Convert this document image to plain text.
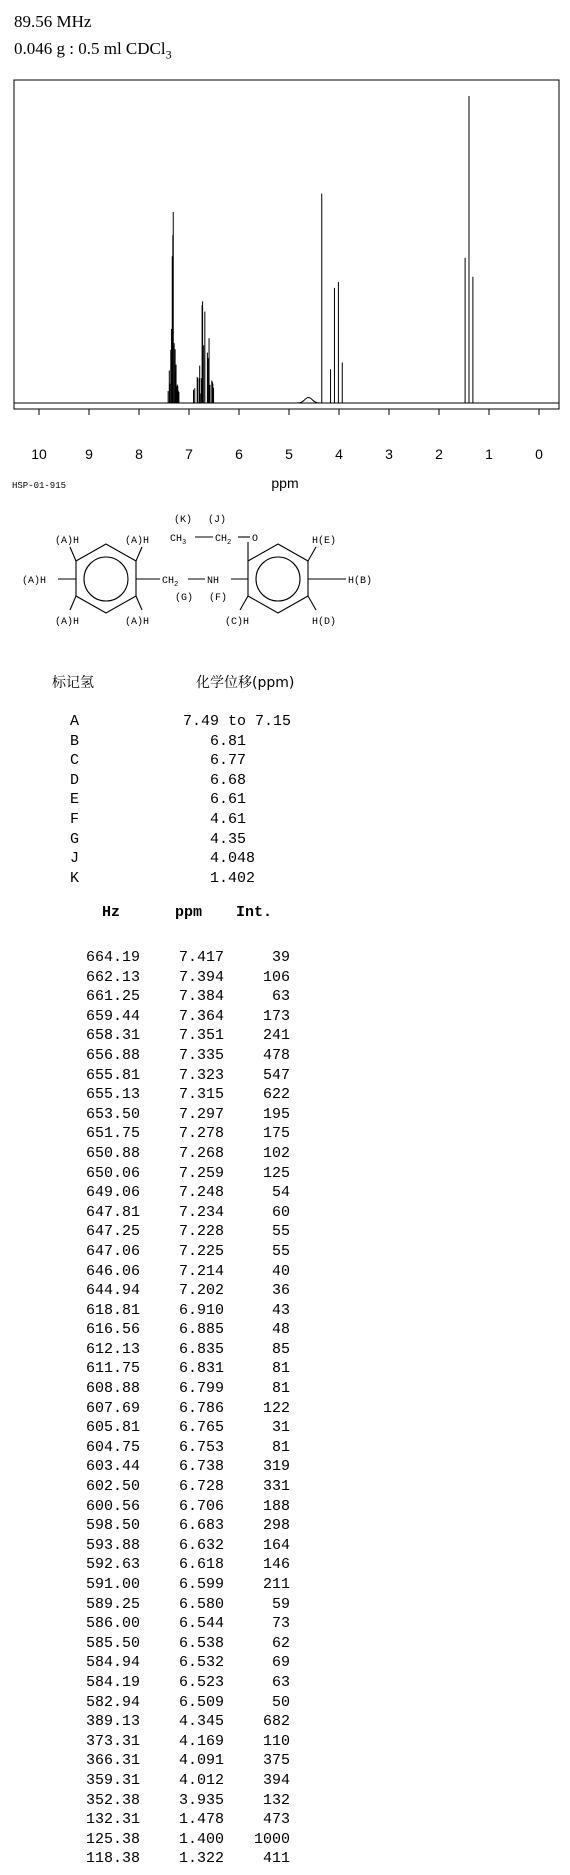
89.56 MHz
0.046 g : 0.5 ml CDCl$_3$
10	9	8	7	6	5	4	3	2	1	0
ppm
HSP-01-915
(K) (J)
$CH_3$	$CH_2$ O
$CH_2$	NH
(G) (F)
(A)H	(A)H
(A)H
(A)H	(A)H
H(E)
H(B)
(C)H	H(D)
标记氢	化学位移(ppm)
A	7.49 to 7.15
B	6.81
C	6.77
D	6.68
E	6.61
F	4.61
G	4.35
J	4.048
K	1.402
Hz	ppm	Int.
664.19	7.417	39
662.13	7.394	106
661.25	7.384	63
659.44	7.364	173
658.31	7.351	241
656.88	7.335	478
655.81	7.323	547
655.13	7.315	622
653.50	7.297	195
651.75	7.278	175
650.88	7.268	102
650.06	7.259	125
649.06	7.248	54
647.81	7.234	60
647.25	7.228	55
647.06	7.225	55
646.06	7.214	40
644.94	7.202	36
618.81	6.910	43
616.56	6.885	48
612.13	6.835	85
611.75	6.831	81
608.88	6.799	81
607.69	6.786	122
605.81	6.765	31
604.75	6.753	81
603.44	6.738	319
602.50	6.728	331
600.56	6.706	188
598.50	6.683	298
593.88	6.632	164
592.63	6.618	146
591.00	6.599	211
589.25	6.580	59
586.00	6.544	73
585.50	6.538	62
584.94	6.532	69
584.19	6.523	63
582.94	6.509	50
389.13	4.345	682
373.31	4.169	110
366.31	4.091	375
359.31	4.012	394
352.38	3.935	132
132.31	1.478	473
125.38	1.400	1000
118.38	1.322	411
